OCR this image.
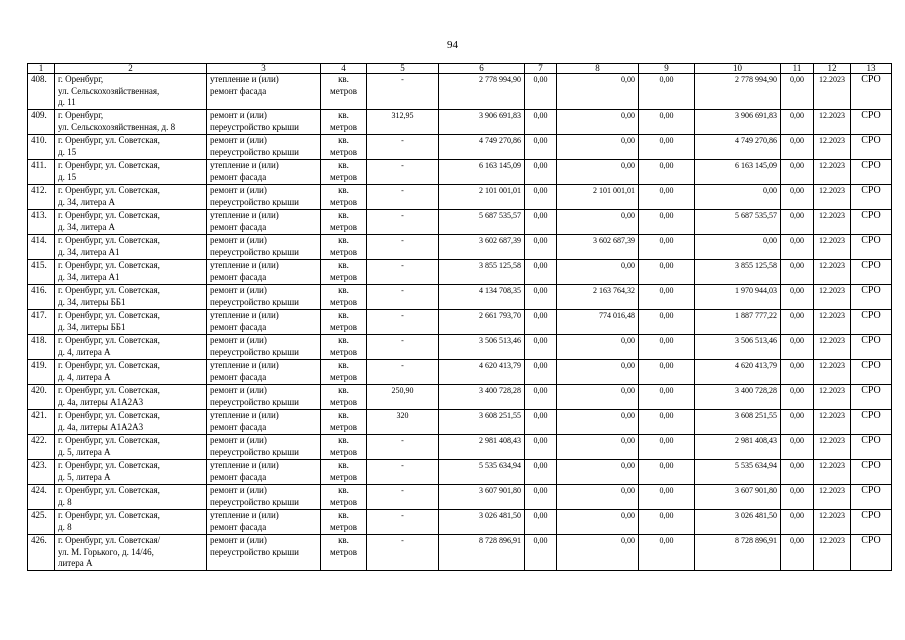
94
1	2	3	4	5	6	7	8	9	10	11	12	13
408.	г. Оренбург,
ул. Сельскохозяйственная,
д. 11	утепление и (или)
ремонт фасада	кв.
метров	-	2 778 994,90	0,00	0,00	0,00	2 778 994,90	0,00	12.2023	СРО
409.	г. Оренбург,
ул. Сельскохозяйственная, д. 8	ремонт и (или)
переустройство крыши	кв.
метров	312,95	3 906 691,83	0,00	0,00	0,00	3 906 691,83	0,00	12.2023	СРО
410.	г. Оренбург, ул. Советская,
д. 15	ремонт и (или)
переустройство крыши	кв.
метров	-	4 749 270,86	0,00	0,00	0,00	4 749 270,86	0,00	12.2023	СРО
411.	г. Оренбург, ул. Советская,
д. 15	утепление и (или)
ремонт фасада	кв.
метров	-	6 163 145,09	0,00	0,00	0,00	6 163 145,09	0,00	12.2023	СРО
412.	г. Оренбург, ул. Советская,
д. 34, литера А	ремонт и (или)
переустройство крыши	кв.
метров	-	2 101 001,01	0,00	2 101 001,01	0,00	0,00	0,00	12.2023	СРО
413.	г. Оренбург, ул. Советская,
д. 34, литера А	утепление и (или)
ремонт фасада	кв.
метров	-	5 687 535,57	0,00	0,00	0,00	5 687 535,57	0,00	12.2023	СРО
414.	г. Оренбург, ул. Советская,
д. 34, литера А1	ремонт и (или)
переустройство крыши	кв.
метров	-	3 602 687,39	0,00	3 602 687,39	0,00	0,00	0,00	12.2023	СРО
415.	г. Оренбург, ул. Советская,
д. 34, литера А1	утепление и (или)
ремонт фасада	кв.
метров	-	3 855 125,58	0,00	0,00	0,00	3 855 125,58	0,00	12.2023	СРО
416.	г. Оренбург, ул. Советская,
д. 34, литеры ББ1	ремонт и (или)
переустройство крыши	кв.
метров	-	4 134 708,35	0,00	2 163 764,32	0,00	1 970 944,03	0,00	12.2023	СРО
417.	г. Оренбург, ул. Советская,
д. 34, литеры ББ1	утепление и (или)
ремонт фасада	кв.
метров	-	2 661 793,70	0,00	774 016,48	0,00	1 887 777,22	0,00	12.2023	СРО
418.	г. Оренбург, ул. Советская,
д. 4, литера А	ремонт и (или)
переустройство крыши	кв.
метров	-	3 506 513,46	0,00	0,00	0,00	3 506 513,46	0,00	12.2023	СРО
419.	г. Оренбург, ул. Советская,
д. 4, литера А	утепление и (или)
ремонт фасада	кв.
метров	-	4 620 413,79	0,00	0,00	0,00	4 620 413,79	0,00	12.2023	СРО
420.	г. Оренбург, ул. Советская,
д. 4а, литеры А1А2А3	ремонт и (или)
переустройство крыши	кв.
метров	250,90	3 400 728,28	0,00	0,00	0,00	3 400 728,28	0,00	12.2023	СРО
421.	г. Оренбург, ул. Советская,
д. 4а, литеры А1А2А3	утепление и (или)
ремонт фасада	кв.
метров	320	3 608 251,55	0,00	0,00	0,00	3 608 251,55	0,00	12.2023	СРО
422.	г. Оренбург, ул. Советская,
д. 5, литера А	ремонт и (или)
переустройство крыши	кв.
метров	-	2 981 408,43	0,00	0,00	0,00	2 981 408,43	0,00	12.2023	СРО
423.	г. Оренбург, ул. Советская,
д. 5, литера А	утепление и (или)
ремонт фасада	кв.
метров	-	5 535 634,94	0,00	0,00	0,00	5 535 634,94	0,00	12.2023	СРО
424.	г. Оренбург, ул. Советская,
д. 8	ремонт и (или)
переустройство крыши	кв.
метров	-	3 607 901,80	0,00	0,00	0,00	3 607 901,80	0,00	12.2023	СРО
425.	г. Оренбург, ул. Советская,
д. 8	утепление и (или)
ремонт фасада	кв.
метров	-	3 026 481,50	0,00	0,00	0,00	3 026 481,50	0,00	12.2023	СРО
426.	г. Оренбург, ул. Советская/
ул. М. Горького, д. 14/46,
литера А	ремонт и (или)
переустройство крыши	кв.
метров	-	8 728 896,91	0,00	0,00	0,00	8 728 896,91	0,00	12.2023	СРО
